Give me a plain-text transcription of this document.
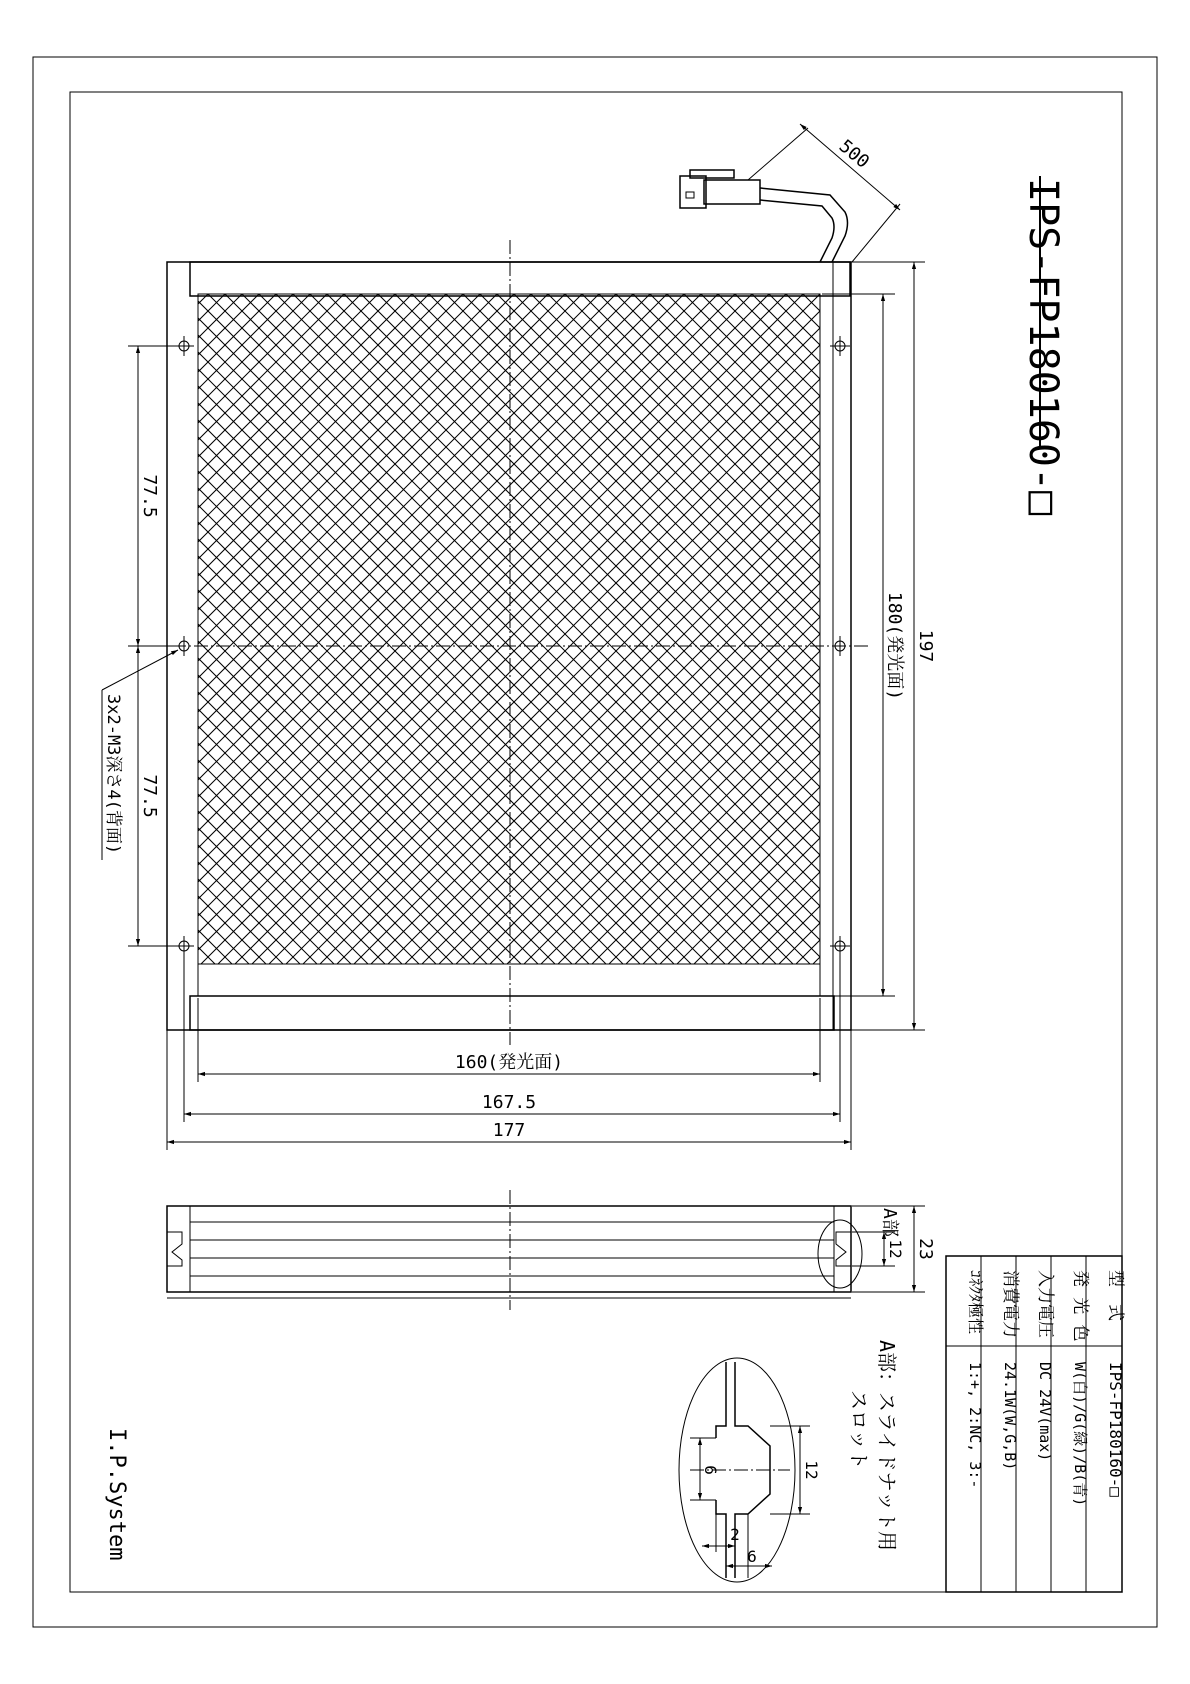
IPS-FP180160-□
500
197
180(発光面)
77.5
77.5
3x2-M3深さ4(背面)
160(発光面)
167.5
177
23
12
A部
A部：スライドナット用
スロット
12
6
2
6
I.P.System
型　式
IPS-FP180160-□
発 光 色
W(白)/G(緑)/B(青)
入力電圧
DC 24V(max)
消費電力
24.1W(W,G,B)
ｺﾈｸﾀ極性
1:+, 2:NC, 3:-
